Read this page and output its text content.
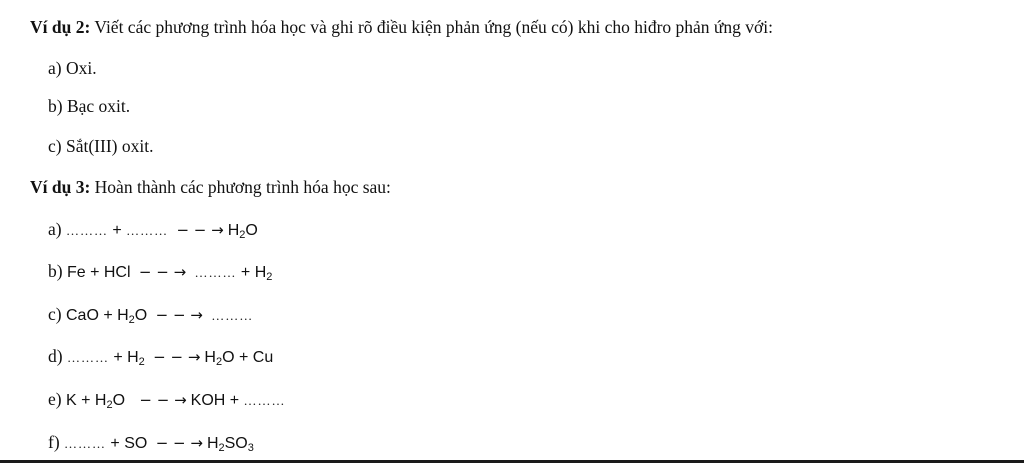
Ví dụ 2: Viết các phương trình hóa học và ghi rõ điều kiện phản ứng (nếu có) khi cho hiđro phản ứng với:
a) Oxi.
b) Bạc oxit.
c) Sắt(III) oxit.
Ví dụ 3: Hoàn thành các phương trình hóa học sau:
a) ……… + ……… − − → $H_2O$
b) Fe + HCl − − → ……… + $H_2$
c) CaO + $H_2O$ − − → ………
d) ……… + $H_2$ − − → $H_2O + Cu$
e) $K + H_2O$ − − → KOH + ………
f) ……… + SO − − → $H_2SO_3$
